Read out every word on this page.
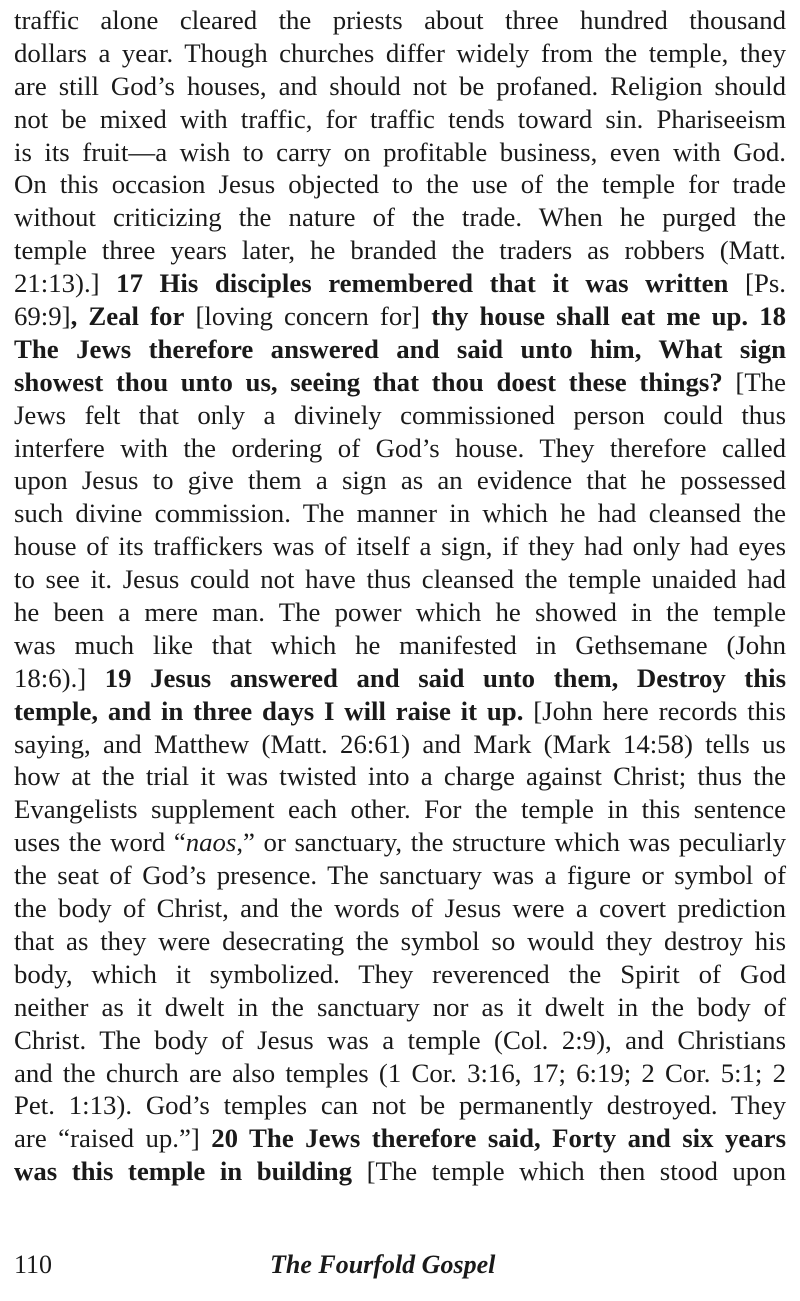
traffic alone cleared the priests about three hundred thousand
dollars a year. Though churches differ widely from the temple, they
are still God’s houses, and should not be profaned. Religion should
not be mixed with traffic, for traffic tends toward sin. Phariseeism
is its fruit—a wish to carry on profitable business, even with God.
On this occasion Jesus objected to the use of the temple for trade
without criticizing the nature of the trade. When he purged the
temple three years later, he branded the traders as robbers (Matt.
21:13).] 17 His disciples remembered that it was written [Ps.
69:9], Zeal for [loving concern for] thy house shall eat me up. 18
The Jews therefore answered and said unto him, What sign
showest thou unto us, seeing that thou doest these things? [The
Jews felt that only a divinely commissioned person could thus
interfere with the ordering of God’s house. They therefore called
upon Jesus to give them a sign as an evidence that he possessed
such divine commission. The manner in which he had cleansed the
house of its traffickers was of itself a sign, if they had only had eyes
to see it. Jesus could not have thus cleansed the temple unaided had
he been a mere man. The power which he showed in the temple
was much like that which he manifested in Gethsemane (John
18:6).] 19 Jesus answered and said unto them, Destroy this
temple, and in three days I will raise it up. [John here records this
saying, and Matthew (Matt. 26:61) and Mark (Mark 14:58) tells us
how at the trial it was twisted into a charge against Christ; thus the
Evangelists supplement each other. For the temple in this sentence
uses the word “naos,” or sanctuary, the structure which was peculiarly
the seat of God’s presence. The sanctuary was a figure or symbol of
the body of Christ, and the words of Jesus were a covert prediction
that as they were desecrating the symbol so would they destroy his
body, which it symbolized. They reverenced the Spirit of God
neither as it dwelt in the sanctuary nor as it dwelt in the body of
Christ. The body of Jesus was a temple (Col. 2:9), and Christians
and the church are also temples (1 Cor. 3:16, 17; 6:19; 2 Cor. 5:1; 2
Pet. 1:13). God’s temples can not be permanently destroyed. They
are “raised up.”] 20 The Jews therefore said, Forty and six years
was this temple in building [The temple which then stood upon
110	The Fourfold Gospel
